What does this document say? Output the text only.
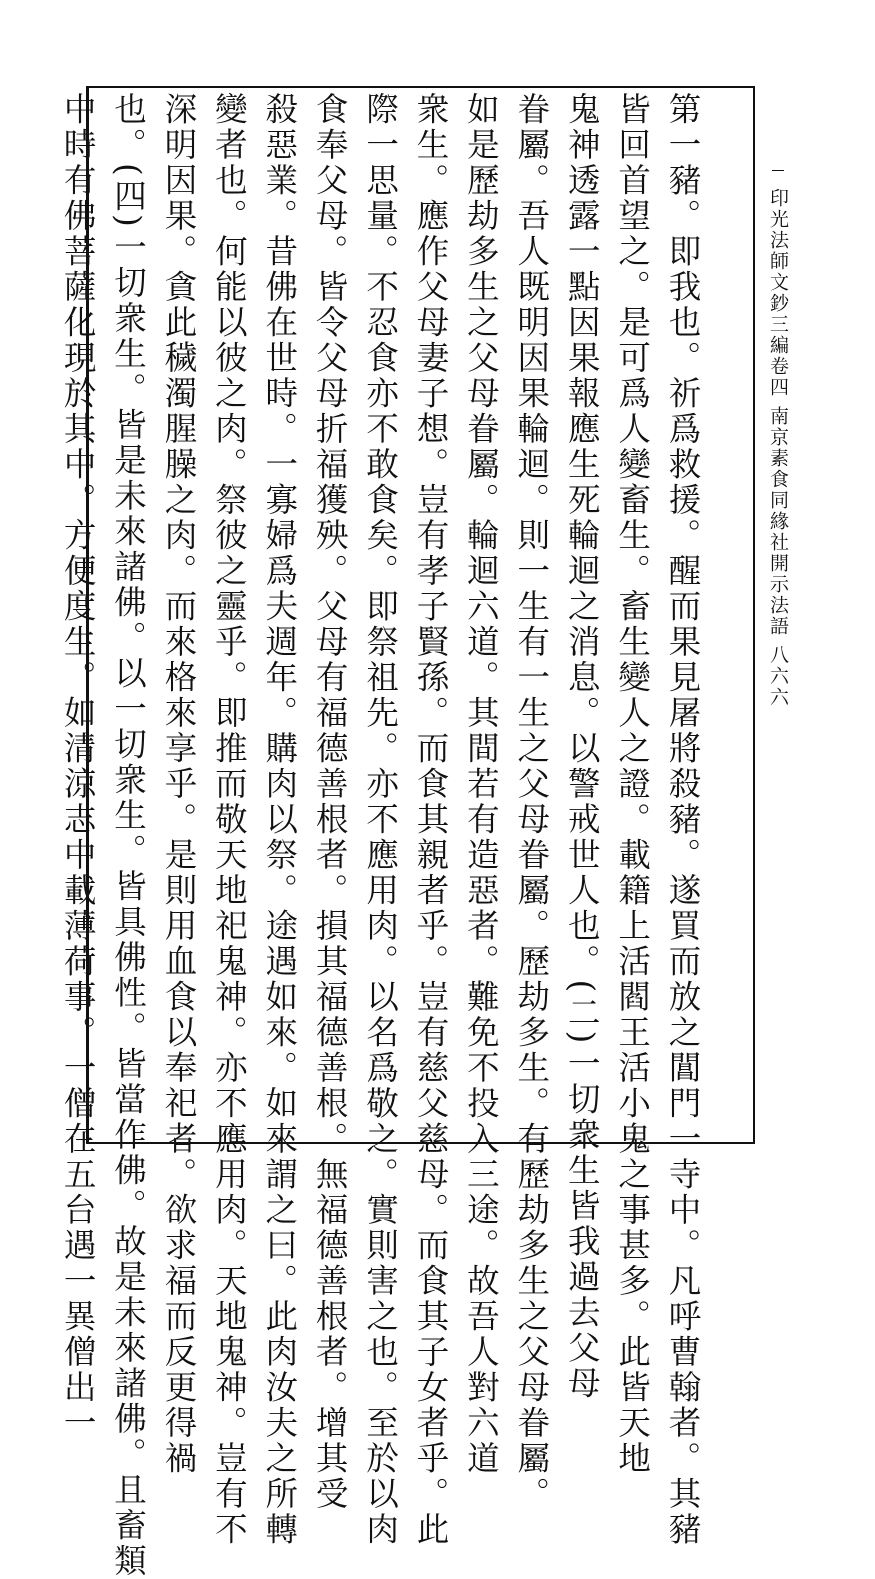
第一豬。即我也。祈爲救援。醒而果見屠將殺豬。遂買而放之閶門一寺中。凡呼曹翰者。其豬

皆回首望之。是可爲人變畜生。畜生變人之證。載籍上活閻王活小鬼之事甚多。此皆天地

鬼神透露一點因果報應生死輪迴之消息。以警戒世人也。(二)一切衆生皆我過去父母

眷屬。吾人既明因果輪迴。則一生有一生之父母眷屬。歷劫多生。有歷劫多生之父母眷屬。

如是歷劫多生之父母眷屬。輪迴六道。其間若有造惡者。難免不投入三途。故吾人對六道

衆生。應作父母妻子想。豈有孝子賢孫。而食其親者乎。豈有慈父慈母。而食其子女者乎。此

際一思量。不忍食亦不敢食矣。即祭祖先。亦不應用肉。以名爲敬之。實則害之也。至於以肉

食奉父母。皆令父母折福獲殃。父母有福德善根者。損其福德善根。無福德善根者。增其受

殺惡業。昔佛在世時。一寡婦爲夫週年。購肉以祭。途遇如來。如來謂之曰。此肉汝夫之所轉

變者也。何能以彼之肉。祭彼之靈乎。即推而敬天地祀鬼神。亦不應用肉。天地鬼神。豈有不

深明因果。貪此穢濁腥臊之肉。而來格來享乎。是則用血食以奉祀者。欲求福而反更得禍

也。(四)一切衆生。皆是未來諸佛。以一切衆生。皆具佛性。皆當作佛。故是未來諸佛。且畜類

中時有佛菩薩化現於其中。方便度生。如清涼志中載薄荷事。一僧在五台遇一異僧出一	印光法師文鈔三編卷四 南京素食同緣社開示法語 八六六
